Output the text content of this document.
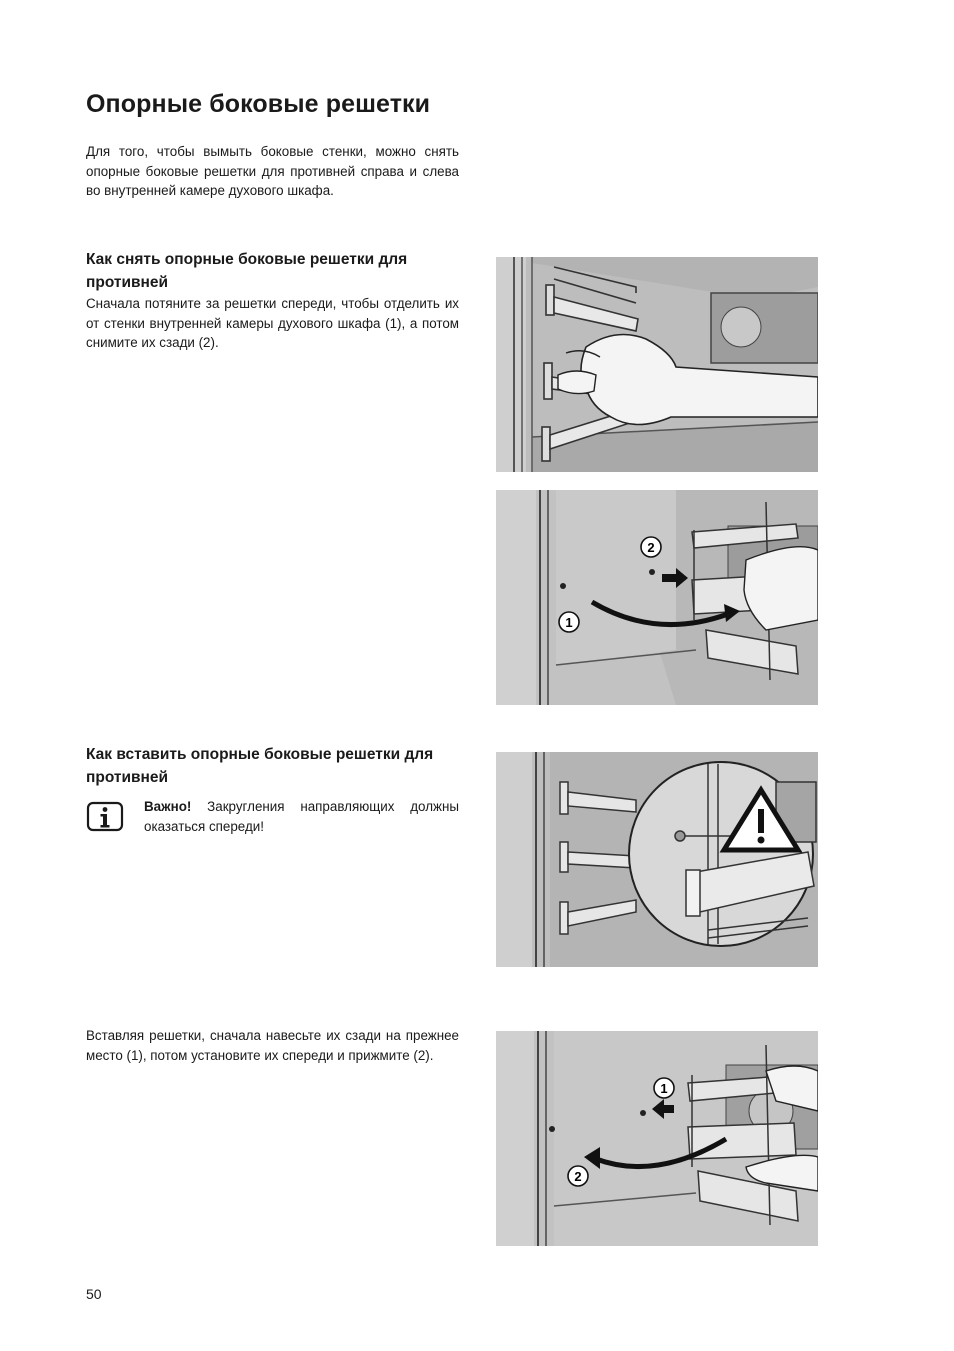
Опорные боковые решетки

Для того, чтобы вымыть боковые стенки, можно снять опорные боковые решетки для противней справа и слева во внутренней камере духового шкафа.

Как снять опорные боковые решетки для противней

Сначала потяните за решетки спереди, чтобы отделить их от стенки внутренней камеры духового шкафа (1), а потом снимите их сзади (2).

Как вставить опорные боковые решетки для противней

Важно! Закругления направляющих должны оказаться спереди!

Вставляя решетки, сначала навесьте их сзади на прежнее место (1), потом установите их спереди и прижмите (2).

2
1
1
2
50
